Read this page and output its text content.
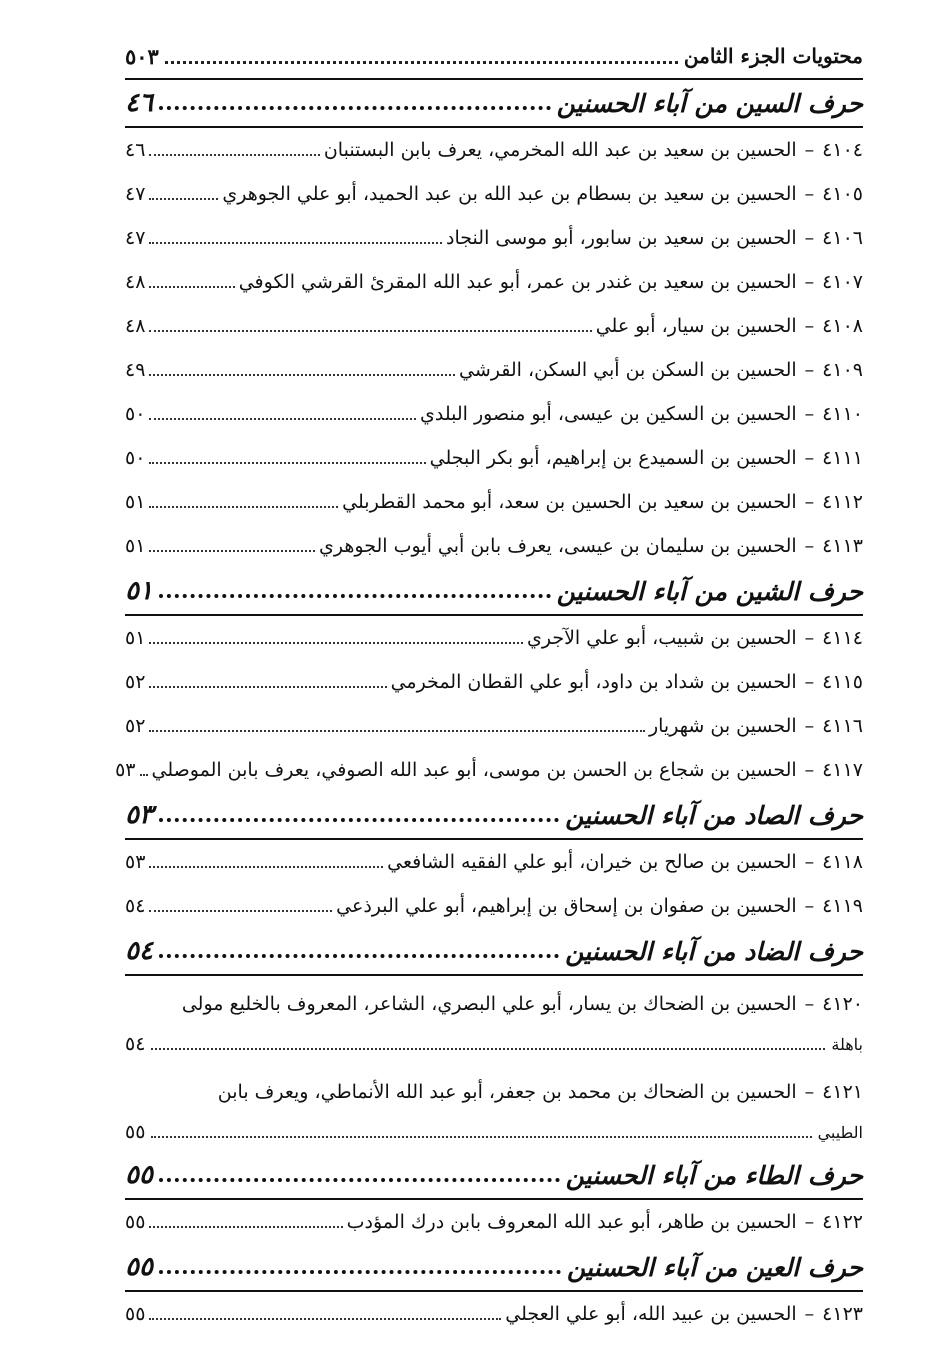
محتويات الجزء الثامن
٥٠٣
حرف السين من آباء الحسنين
٤٦
٤١٠٤
–
الحسين بن سعيد بن عبد الله المخرمي، يعرف بابن البستنبان
٤٦
٤١٠٥
–
الحسين بن سعيد بن بسطام بن عبد الله بن عبد الحميد، أبو علي الجوهري
٤٧
٤١٠٦
–
الحسين بن سعيد بن سابور، أبو موسى النجاد
٤٧
٤١٠٧
–
الحسين بن سعيد بن غندر بن عمر، أبو عبد الله المقرئ القرشي الكوفي
٤٨
٤١٠٨
–
الحسين بن سيار، أبو علي
٤٨
٤١٠٩
–
الحسين بن السكن بن أبي السكن، القرشي
٤٩
٤١١٠
–
الحسين بن السكين بن عيسى، أبو منصور البلدي
٥٠
٤١١١
–
الحسين بن السميدع بن إبراهيم، أبو بكر البجلي
٥٠
٤١١٢
–
الحسين بن سعيد بن الحسين بن سعد، أبو محمد القطربلي
٥١
٤١١٣
–
الحسين بن سليمان بن عيسى، يعرف بابن أبي أيوب الجوهري
٥١
حرف الشين من آباء الحسنين
٥١
٤١١٤
–
الحسين بن شبيب، أبو علي الآجري
٥١
٤١١٥
–
الحسين بن شداد بن داود، أبو علي القطان المخرمي
٥٢
٤١١٦
–
الحسين بن شهريار
٥٢
٤١١٧
–
الحسين بن شجاع بن الحسن بن موسى، أبو عبد الله الصوفي، يعرف بابن الموصلي
٥٣
حرف الصاد من آباء الحسنين
٥٣
٤١١٨
–
الحسين بن صالح بن خيران، أبو علي الفقيه الشافعي
٥٣
٤١١٩
–
الحسين بن صفوان بن إسحاق بن إبراهيم، أبو علي البرذعي
٥٤
حرف الضاد من آباء الحسنين
٥٤
٤١٢٠
–
الحسين بن الضحاك بن يسار، أبو علي البصري، الشاعر، المعروف بالخليع مولى
باهلة
٥٤
٤١٢١
–
الحسين بن الضحاك بن محمد بن جعفر، أبو عبد الله الأنماطي، ويعرف بابن
الطيبي
٥٥
حرف الطاء من آباء الحسنين
٥٥
٤١٢٢
–
الحسين بن طاهر، أبو عبد الله المعروف بابن درك المؤدب
٥٥
حرف العين من آباء الحسنين
٥٥
٤١٢٣
–
الحسين بن عبيد الله، أبو علي العجلي
٥٥
